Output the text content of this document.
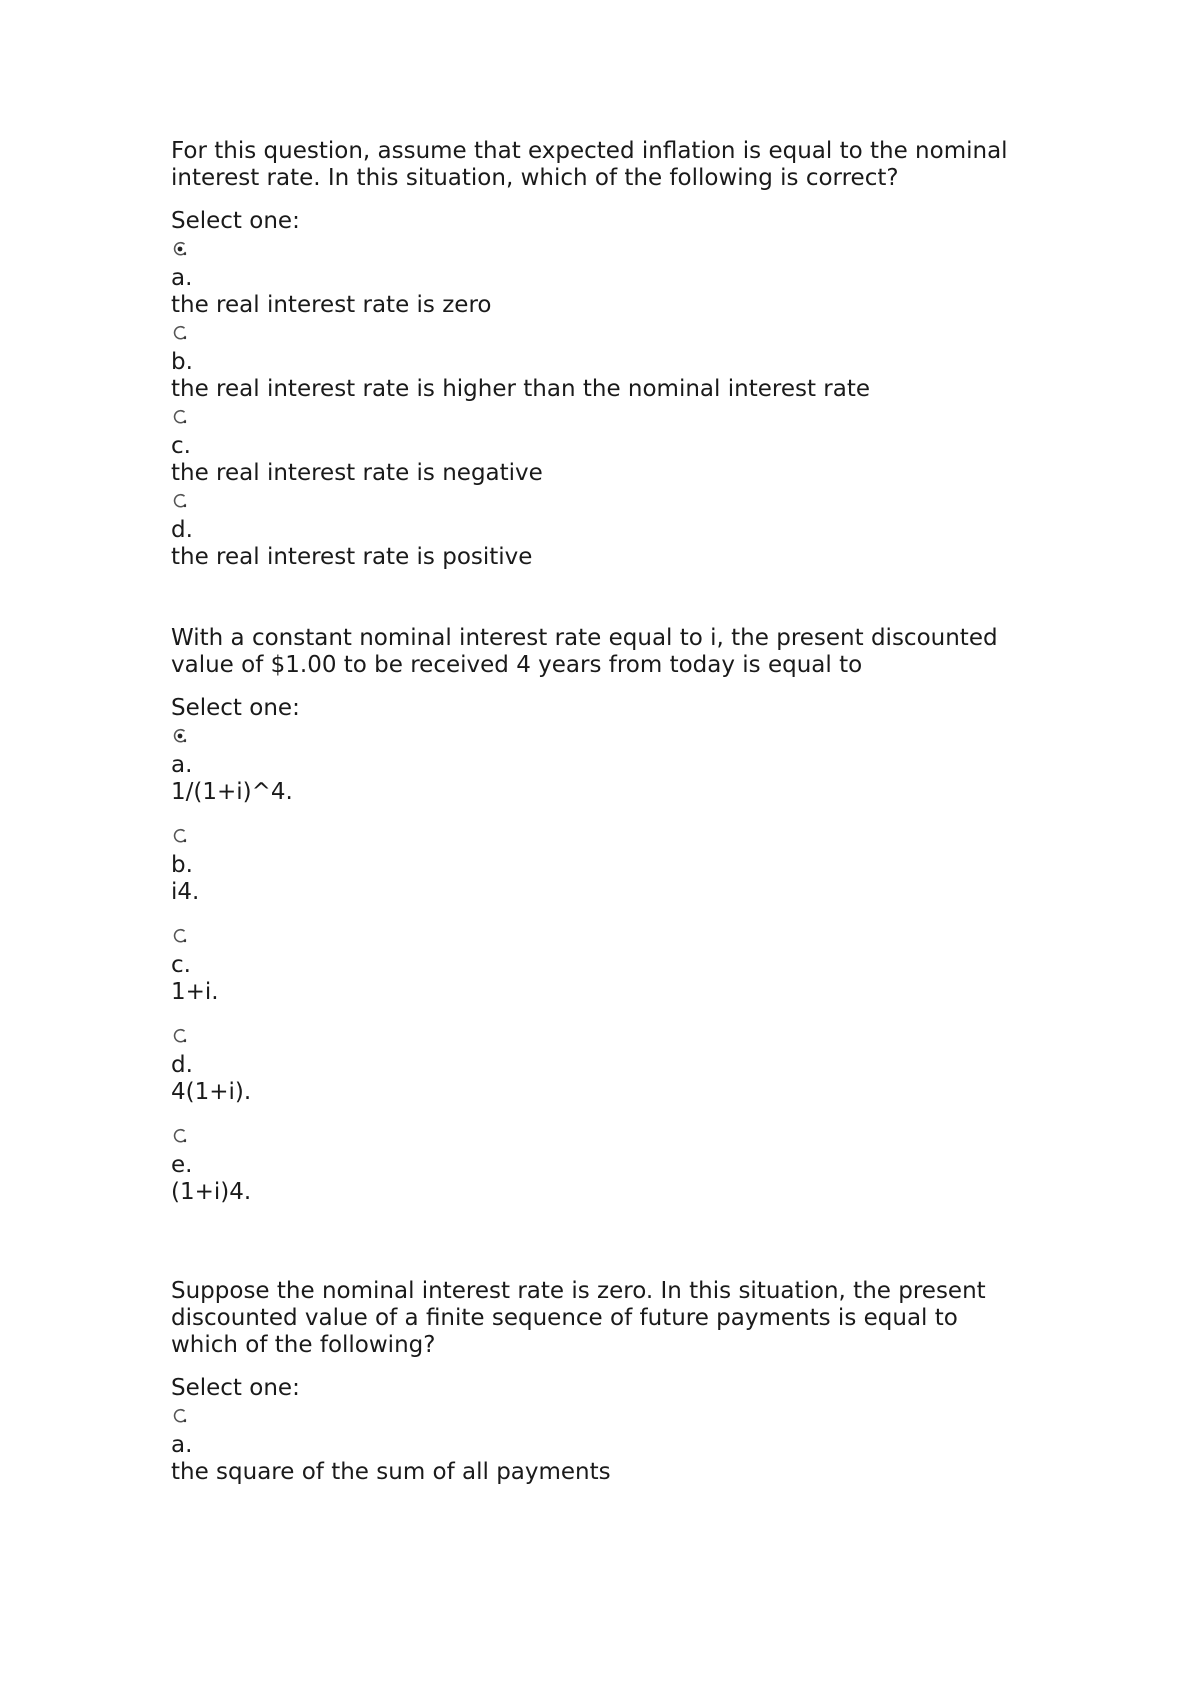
For this question, assume that expected inflation is equal to the nominal
interest rate. In this situation, which of the following is correct?

Select one:

a.
the real interest rate is zero
b.
the real interest rate is higher than the nominal interest rate
c.
the real interest rate is negative
d.
the real interest rate is positive

With a constant nominal interest rate equal to i, the present discounted
value of $1.00 to be received 4 years from today is equal to

Select one:

a.
1/(1+i)^4.
b.
i4.
c.
1+i.
d.
4(1+i).
e.
(1+i)4.

Suppose the nominal interest rate is zero. In this situation, the present
discounted value of a finite sequence of future payments is equal to
which of the following?

Select one:

a.
the square of the sum of all payments
